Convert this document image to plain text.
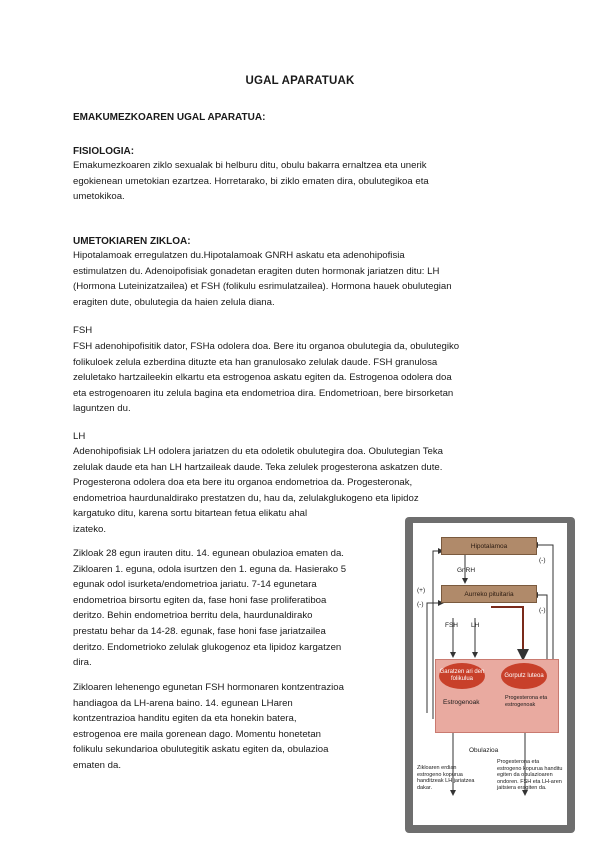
UGAL APARATUAK
EMAKUMEZKOAREN UGAL APARATUA:
FISIOLOGIA:
Emakumezkoaren ziklo sexualak bi helburu ditu, obulu bakarra ernaltzea eta unerik
egokienean umetokian ezartzea. Horretarako, bi ziklo ematen dira, obulutegikoa eta
umetokikoa.
UMETOKIAREN ZIKLOA:
Hipotalamoak erregulatzen du.Hipotalamoak GNRH askatu eta adenohipofisia
estimulatzen du. Adenoipofisiak gonadetan eragiten duten hormonak jariatzen ditu: LH
(Hormona Luteinizatzailea) et FSH (folikulu esrimulatzailea). Hormona hauek obulutegian
eragiten dute, obulutegia da haien zelula diana.
FSH
FSH adenohipofisitik dator, FSHa odolera doa. Bere itu organoa obulutegia da, obulutegiko
folikuloek zelula ezberdina dituzte eta han granulosako zelulak daude. FSH granulosa
zeluletako hartzaileekin elkartu eta estrogenoa askatu egiten da. Estrogenoa odolera doa
eta estrogenoaren itu zelula bagina eta endometrioa dira. Endometrioan, bere birsorketan
laguntzen du.
LH
Adenohipofisiak LH odolera jariatzen du eta odoletik obulutegira doa. Obulutegian Teka
zelulak daude eta han LH hartzaileak daude. Teka zelulek progesterona askatzen dute.
Progesterona odolera doa eta bere itu organoa endometrioa da. Progesteronak,
endometrioa haurdunaldirako prestatzen du, hau da, zelulakglukogeno eta lipidoz
kargatuko ditu, karena sortu bitartean fetua elikatu ahal
izateko.
Zikloak 28 egun irauten ditu. 14. egunean obulazioa ematen da.
Zikloaren 1. eguna, odola isurtzen den 1. eguna da. Hasierako 5
egunak odol isurketa/endometrioa jariatu. 7-14 egunetara
endometrioa birsortu egiten da, fase honi fase proliferatiboa
deritzo. Behin endometrioa berritu dela, haurdunaldirako
prestatu behar da 14-28. egunak, fase honi fase jariatzailea
deritzo. Endometrioko zelulak glukogenoz eta lipidoz kargatzen
dira.
Zikloaren lehenengo egunetan FSH hormonaren kontzentrazioa
handiagoa da LH-arena baino. 14. egunean LHaren
kontzentrazioa handitu egiten da eta honekin batera,
estrogenoa ere maila gorenean dago. Momentu honetetan
folikulu sekundarioa obulutegitik askatu egiten da, obulazioa
ematen da.
Hipotalamoa
GnRH
(-)
Aurreko pituitaria
(+)
(-)
(-)
FSH LH
Garatzen ari den folikulua
Gorputz luteoa
Estrogenoak
Progesterona eta estrogenoak
Obulazioa
Zikloaren erdian estrogeno kopurua handitzeak LH jariatzea dakar.
Progesterona eta estrogeno kopurua handitu egiten da obulazioaren ondoren. FSH eta LH-aren jaitsiera eragiten da.
